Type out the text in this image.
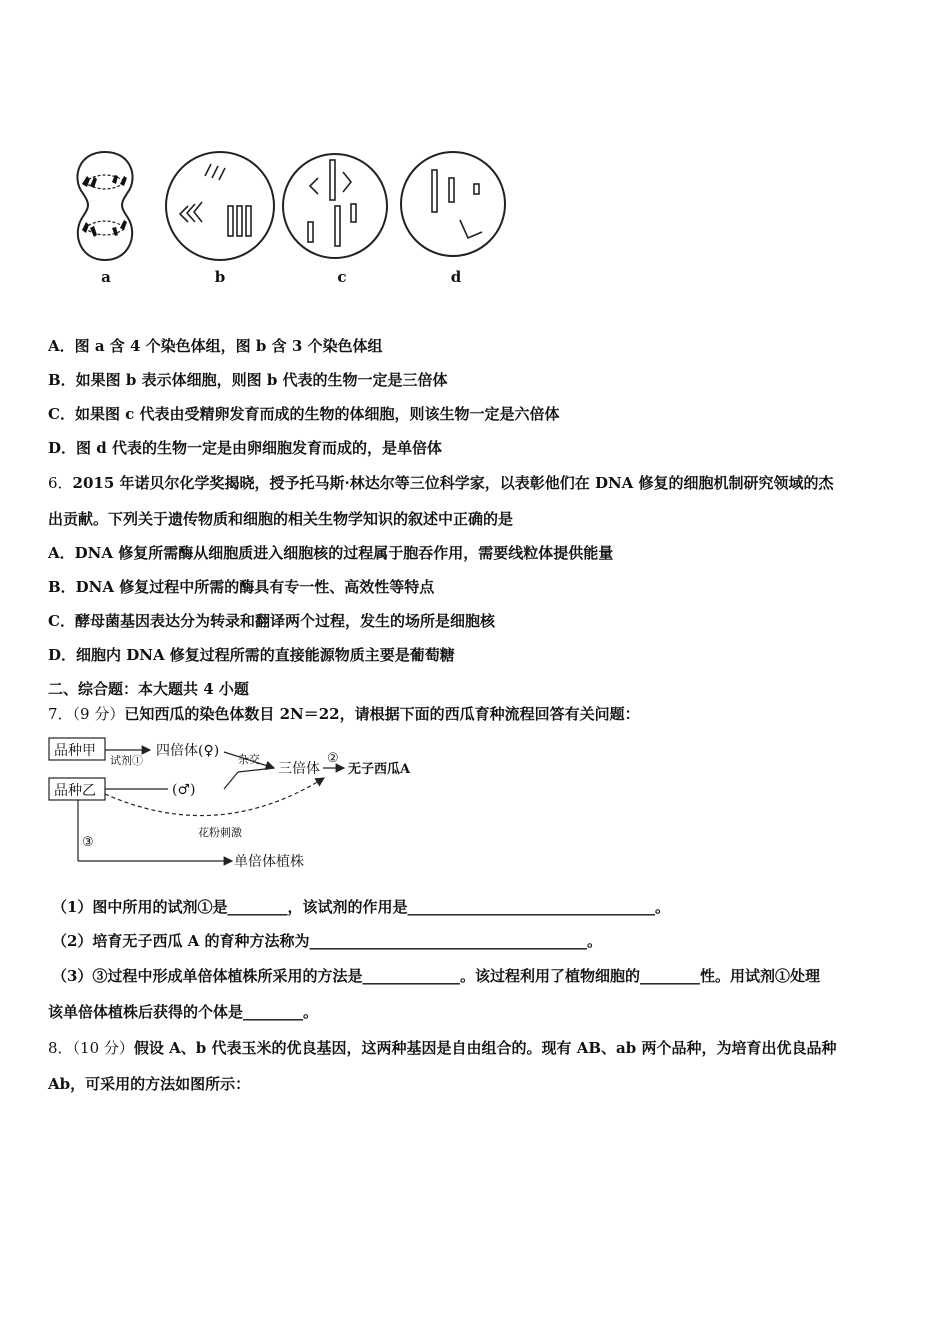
a	b	c	d
A．图 a 含 4 个染色体组，图 b 含 3 个染色体组
B．如果图 b 表示体细胞，则图 b 代表的生物一定是三倍体
C．如果图 c 代表由受精卵发育而成的生物的体细胞，则该生物一定是六倍体
D．图 d 代表的生物一定是由卵细胞发育而成的，是单倍体
6．2015 年诺贝尔化学奖揭晓，授予托马斯·林达尔等三位科学家，以表彰他们在 DNA 修复的细胞机制研究领域的杰
出贡献。下列关于遗传物质和细胞的相关生物学知识的叙述中正确的是
A．DNA 修复所需酶从细胞质进入细胞核的过程属于胞吞作用，需要线粒体提供能量
B．DNA 修复过程中所需的酶具有专一性、高效性等特点
C．酵母菌基因表达分为转录和翻译两个过程，发生的场所是细胞核
D．细胞内 DNA 修复过程所需的直接能源物质主要是葡萄糖
二、综合题：本大题共 4 小题
7．（9 分）已知西瓜的染色体数目 2N＝22，请根据下面的西瓜育种流程回答有关问题：
品种甲
品种乙
四倍体(♀)
(♂)
三倍体 无子西瓜A
单倍体植株
试剂①	杂交	②
花粉刺激
③
（1）图中所用的试剂①是________，该试剂的作用是_________________________________。
（2）培育无子西瓜 A 的育种方法称为_____________________________________。
（3）③过程中形成单倍体植株所采用的方法是_____________。该过程利用了植物细胞的________性。用试剂①处理
该单倍体植株后获得的个体是________。
8．（10 分）假设 A、b 代表玉米的优良基因，这两种基因是自由组合的。现有 AB、ab 两个品种，为培育出优良品种
Ab，可采用的方法如图所示：
